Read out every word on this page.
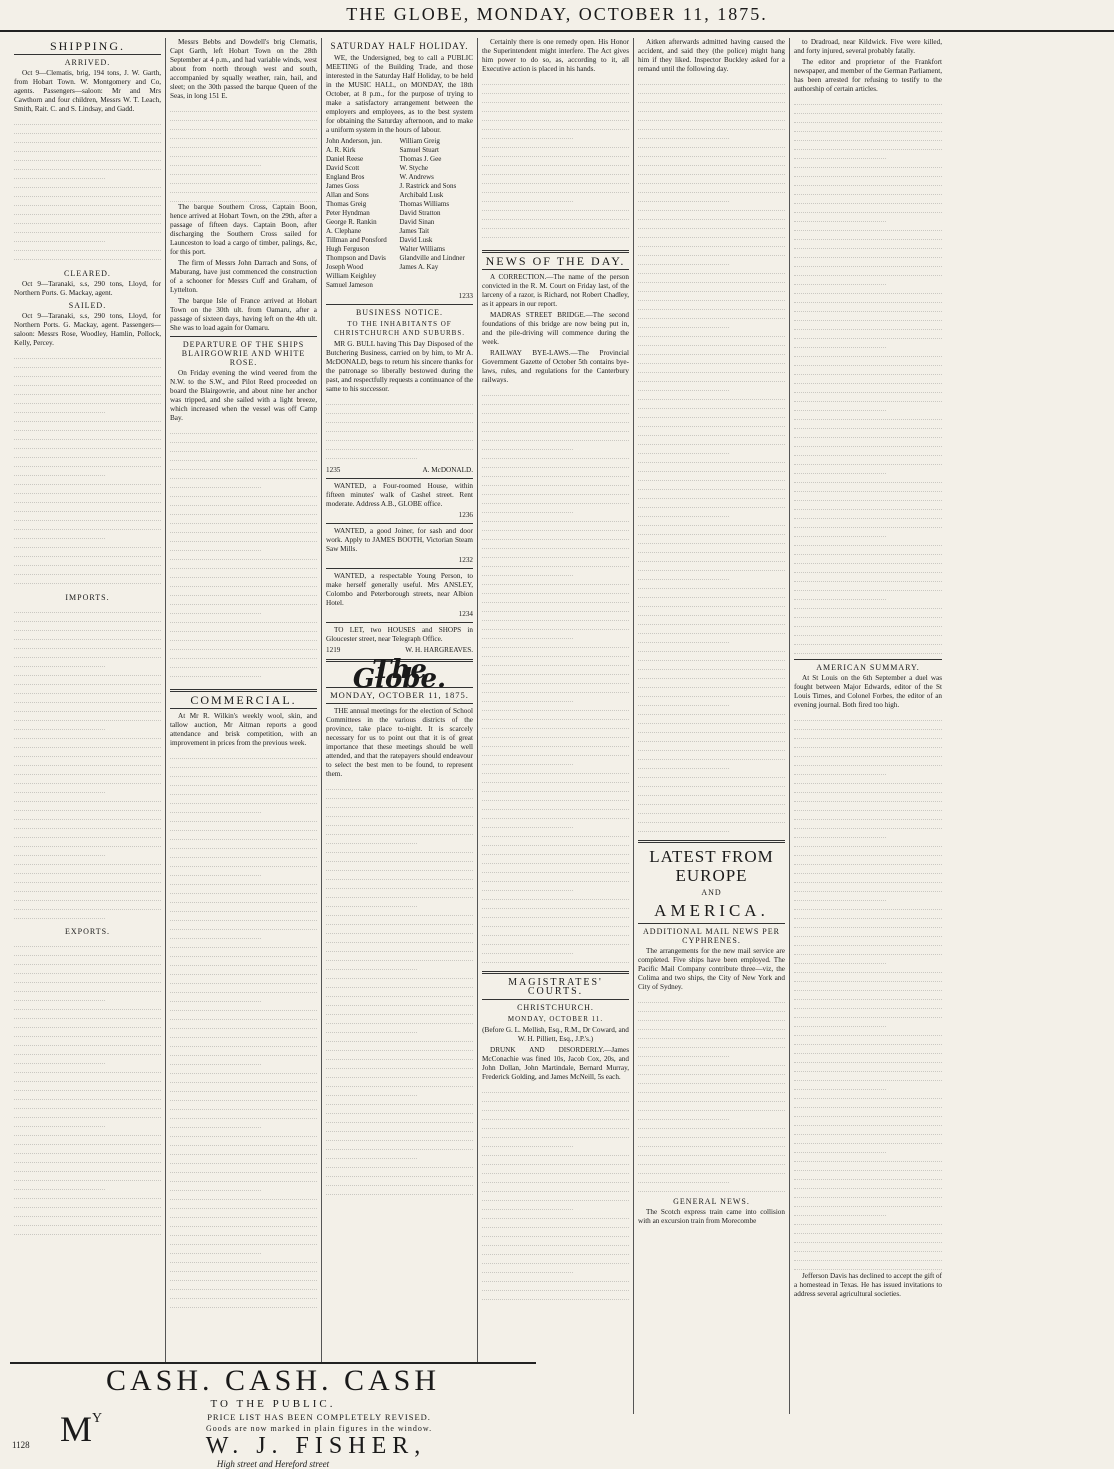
THE GLOBE, MONDAY, OCTOBER 11, 1875.
SHIPPING.
ARRIVED.
Oct 9—Clematis, brig, 194 tons, J. W. Garth, from Hobart Town. W. Montgomery and Co, agents. Passengers—saloon: Mr and Mrs Cawthorn and four children, Messrs W. T. Leach, Smith, Rait. C. and S. Lindsay, and Gadd.
CLEARED.
Oct 9—Taranaki, s.s, 290 tons, Lloyd, for Northern Ports. G. Mackay, agent.
SAILED.
Oct 9—Taranaki, s.s, 290 tons, Lloyd, for Northern Ports. G. Mackay, agent. Passengers—saloon: Messrs Rose, Woodley, Hamlin, Pollock, Kelly, Percey.
IMPORTS.
EXPORTS.
Messrs Bebbs and Dowdell's brig Clematis, Capt Garth, left Hobart Town on the 28th September at 4 p.m., and had variable winds, west about from north through west and south, accompanied by squally weather, rain, hail, and sleet; on the 30th passed the barque Queen of the Seas, in long 151 E.
The barque Southern Cross, Captain Boon, hence arrived at Hobart Town, on the 29th, after a passage of fifteen days. Captain Boon, after discharging the Southern Cross sailed for Launceston to load a cargo of timber, palings, &c, for this port.
The firm of Messrs John Darrach and Sons, of Maburang, have just commenced the construction of a schooner for Messrs Cuff and Graham, of Lyttelton.
The barque Isle of France arrived at Hobart Town on the 30th ult. from Oamaru, after a passage of sixteen days, having left on the 4th ult. She was to load again for Oamaru.
DEPARTURE OF THE SHIPS BLAIRGOWRIE AND WHITE ROSE.
On Friday evening the wind veered from the N.W. to the S.W., and Pilot Reed proceeded on board the Blairgowrie, and about nine her anchor was tripped, and she sailed with a light breeze, which increased when the vessel was off Camp Bay.
COMMERCIAL.
At Mr R. Wilkin's weekly wool, skin, and tallow auction, Mr Aitman reports a good attendance and brisk competition, with an improvement in prices from the previous week.
SATURDAY HALF HOLIDAY.
WE, the Undersigned, beg to call a PUBLIC MEETING of the Building Trade, and those interested in the Saturday Half Holiday, to be held in the MUSIC HALL, on MONDAY, the 18th October, at 8 p.m., for the purpose of trying to make a satisfactory arrangement between the employers and employees, as to the best system for obtaining the Saturday afternoon, and to make a uniform system in the hours of labour.
John Anderson, jun.
A. R. Kirk
Daniel Reese
David Scott
England Bros
James Goss
Allan and Sons
Thomas Greig
Peter Hyndman
George R. Rankin
A. Clephane
Tillman and Ponsford
Hugh Ferguson
Thompson and Davis
Joseph Wood
William Keighley
Samuel Jameson
William Greig
Samuel Stuart
Thomas J. Gee
W. Styche
W. Andrews
J. Rastrick and Sons
Archibald Lusk
Thomas Williams
David Stratton
David Sinan
James Tait
David Lusk
Walter Williams
Glandville and Lindner
James A. Kay
1233
BUSINESS NOTICE.
TO THE INHABITANTS OF CHRISTCHURCH AND SUBURBS.
MR G. BULL having This Day Disposed of the Butchering Business, carried on by him, to Mr A. McDONALD, begs to return his sincere thanks for the patronage so liberally bestowed during the past, and respectfully requests a continuance of the same to his successor.
1235	A. McDONALD.
WANTED, a Four-roomed House, within fifteen minutes' walk of Cashel street. Rent moderate. Address A.B., GLOBE office.
1236
WANTED, a good Joiner, for sash and door work. Apply to JAMES BOOTH, Victorian Steam Saw Mills.
1232
WANTED, a respectable Young Person, to make herself generally useful. Mrs ANSLEY, Colombo and Peterborough streets, near Albion Hotel.
1234
TO LET, two HOUSES and SHOPS in Gloucester street, near Telegraph Office.
1219	W. H. HARGREAVES.
The Globe.
MONDAY, OCTOBER 11, 1875.
THE annual meetings for the election of School Committees in the various districts of the province, take place to-night. It is scarcely necessary for us to point out that it is of great importance that these meetings should be well attended, and that the ratepayers should endeavour to select the best men to be found, to represent them.
Certainly there is one remedy open. His Honor the Superintendent might interfere. The Act gives him power to do so, as, according to it, all Executive action is placed in his hands.
NEWS OF THE DAY.
A CORRECTION.—The name of the person convicted in the R. M. Court on Friday last, of the larceny of a razor, is Richard, not Robert Chadley, as it appears in our report.
MADRAS STREET BRIDGE.—The second foundations of this bridge are now being put in, and the pile-driving will commence during the week.
RAILWAY BYE-LAWS.—The Provincial Government Gazette of October 5th contains bye-laws, rules, and regulations for the Canterbury railways.
MAGISTRATES' COURTS.
CHRISTCHURCH.
MONDAY, OCTOBER 11.
(Before G. L. Mellish, Esq., R.M., Dr Coward, and W. H. Pilliett, Esq., J.P.'s.)
DRUNK AND DISORDERLY.—James McConachie was fined 10s, Jacob Cox, 20s, and John Dollan, John Martindale, Bernard Murray, Frederick Golding, and James McNeill, 5s each.
Aitken afterwards admitted having caused the accident, and said they (the police) might hang him if they liked. Inspector Buckley asked for a remand until the following day.
LATEST FROM EUROPE
AND
AMERICA.
ADDITIONAL MAIL NEWS PER CYPHRENES.
The arrangements for the new mail service are completed. Five ships have been employed. The Pacific Mail Company contribute three—viz, the Colima and two ships, the City of New York and City of Sydney.
GENERAL NEWS.
The Scotch express train came into collision with an excursion train from Morecombe
to Dradroad, near Kildwick. Five were killed, and forty injured, several probably fatally.
The editor and proprietor of the Frankfort newspaper, and member of the German Parliament, has been arrested for refusing to testify to the authorship of certain articles.
AMERICAN SUMMARY.
At St Louis on the 6th September a duel was fought between Major Edwards, editor of the St Louis Times, and Colonel Forbes, the editor of an evening journal. Both fired too high.
Jefferson Davis has declined to accept the gift of a homestead in Texas. He has issued invitations to address several agricultural societies.
CASH. CASH. CASH
TO THE PUBLIC.
M Y	PRICE LIST HAS BEEN COMPLETELY REVISED.
Goods are now marked in plain figures in the window.
W. J. FISHER,
High street and Hereford street
1128
